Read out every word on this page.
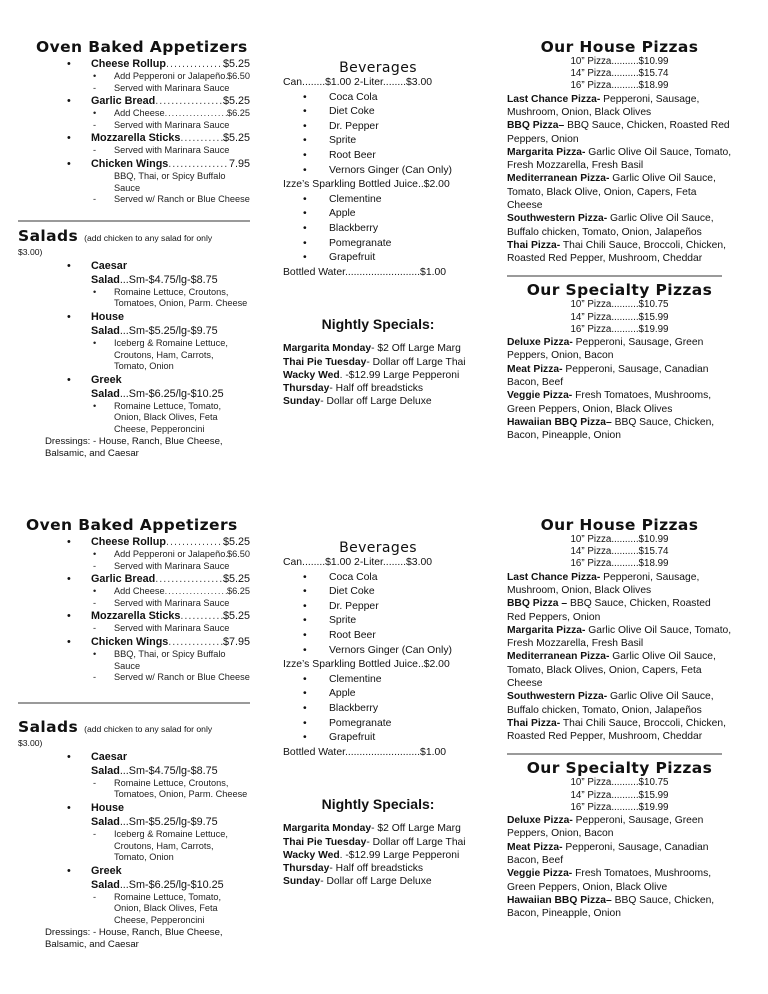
Oven Baked Appetizers
• Cheese Rollup .....	$5.25
• Add Pepperoni or Jalapeño ..... $6.50
- Served with Marinara Sauce
• Garlic Bread .....	$5.25
• Add Cheese .....	$6.25
- Served with Marinara Sauce
• Mozzarella Sticks .....	$5.25
- Served with Marinara Sauce
• Chicken Wings .....	7.95
BBQ, Thai, or Spicy Buffalo Sauce
- Served w/ Ranch or Blue Cheese
Salads (add chicken to any salad for only
$3.00)
• Caesar Salad...Sm-$4.75/lg-$8.75
• Romaine Lettuce, Croutons,
Tomatoes, Onion, Parm. Cheese
• House Salad...Sm-$5.25/lg-$9.75
• Iceberg & Romaine Lettuce,
Croutons, Ham, Carrots,
Tomato, Onion
• Greek Salad...Sm-$6.25/lg-$10.25
• Romaine Lettuce, Tomato,
Onion, Black Olives, Feta
Cheese, Pepperoncini
Dressings: - House, Ranch, Blue Cheese,
Balsamic, and Caesar
Beverages
Can........$1.00 2-Liter........$3.00
• Coca Cola
• Diet Coke
• Dr. Pepper
• Sprite
• Root Beer
• Vernors Ginger (Can Only)
Izze’s Sparkling Bottled Juice..$2.00
• Clementine
• Apple
• Blackberry
• Pomegranate
• Grapefruit
Bottled Water..........................$1.00
Nightly Specials:
Margarita Monday- $2 Off Large Marg
Thai Pie Tuesday- Dollar off Large Thai
Wacky Wed. -$12.99 Large Pepperoni
Thursday- Half off breadsticks
Sunday- Dollar off Large Deluxe
Our House Pizzas
10” Pizza..........$10.99
14” Pizza..........$15.74
16” Pizza..........$18.99
Last Chance Pizza- Pepperoni, Sausage, Mushroom, Onion, Black Olives
BBQ Pizza– BBQ Sauce, Chicken, Roasted Red Peppers, Onion
Margarita Pizza- Garlic Olive Oil Sauce, Tomato, Fresh Mozzarella, Fresh Basil
Mediterranean Pizza- Garlic Olive Oil Sauce, Tomato, Black Olive, Onion, Capers, Feta Cheese
Southwestern Pizza- Garlic Olive Oil Sauce, Buffalo chicken, Tomato, Onion, Jalapeños
Thai Pizza- Thai Chili Sauce, Broccoli, Chicken, Roasted Red Pepper, Mushroom, Cheddar
Our Specialty Pizzas
10” Pizza..........$10.75
14” Pizza..........$15.99
16” Pizza..........$19.99
Deluxe Pizza- Pepperoni, Sausage, Green Peppers, Onion, Bacon
Meat Pizza- Pepperoni, Sausage, Canadian Bacon, Beef
Veggie Pizza- Fresh Tomatoes, Mushrooms, Green Peppers, Onion, Black Olives
Hawaiian BBQ Pizza– BBQ Sauce, Chicken, Bacon, Pineapple, Onion
Oven Baked Appetizers
• Cheese Rollup .....	$5.25
• Add Pepperoni or Jalapeño ..... $6.50
- Served with Marinara Sauce
• Garlic Bread .....	$5.25
• Add Cheese .....	$6.25
- Served with Marinara Sauce
• Mozzarella Sticks .....	$5.25
- Served with Marinara Sauce
• Chicken Wings .....	$7.95
• BBQ, Thai, or Spicy Buffalo Sauce
- Served w/ Ranch or Blue Cheese
Salads (add chicken to any salad for only
$3.00)
• Caesar Salad...Sm-$4.75/lg-$8.75
- Romaine Lettuce, Croutons,
Tomatoes, Onion, Parm. Cheese
• House Salad...Sm-$5.25/lg-$9.75
- Iceberg & Romaine Lettuce,
Croutons, Ham, Carrots,
Tomato, Onion
• Greek Salad...Sm-$6.25/lg-$10.25
- Romaine Lettuce, Tomato,
Onion, Black Olives, Feta
Cheese, Pepperoncini
Dressings: - House, Ranch, Blue Cheese,
Balsamic, and Caesar
Beverages
Can........$1.00 2-Liter........$3.00
• Coca Cola
• Diet Coke
• Dr. Pepper
• Sprite
• Root Beer
• Vernors Ginger (Can Only)
Izze’s Sparkling Bottled Juice..$2.00
• Clementine
• Apple
• Blackberry
• Pomegranate
• Grapefruit
Bottled Water..........................$1.00
Nightly Specials:
Margarita Monday- $2 Off Large Marg
Thai Pie Tuesday- Dollar off Large Thai
Wacky Wed. -$12.99 Large Pepperoni
Thursday- Half off breadsticks
Sunday- Dollar off Large Deluxe
Our House Pizzas
10” Pizza..........$10.99
14” Pizza..........$15.74
16” Pizza..........$18.99
Last Chance Pizza- Pepperoni, Sausage, Mushroom, Onion, Black Olives
BBQ Pizza – BBQ Sauce, Chicken, Roasted Red Peppers, Onion
Margarita Pizza- Garlic Olive Oil Sauce, Tomato, Fresh Mozzarella, Fresh Basil
Mediterranean Pizza- Garlic Olive Oil Sauce, Tomato, Black Olives, Onion, Capers, Feta Cheese
Southwestern Pizza- Garlic Olive Oil Sauce, Buffalo chicken, Tomato, Onion, Jalapeños
Thai Pizza- Thai Chili Sauce, Broccoli, Chicken, Roasted Red Pepper, Mushroom, Cheddar
Our Specialty Pizzas
10” Pizza..........$10.75
14” Pizza..........$15.99
16” Pizza..........$19.99
Deluxe Pizza- Pepperoni, Sausage, Green Peppers, Onion, Bacon
Meat Pizza- Pepperoni, Sausage, Canadian Bacon, Beef
Veggie Pizza- Fresh Tomatoes, Mushrooms, Green Peppers, Onion, Black Olive
Hawaiian BBQ Pizza– BBQ Sauce, Chicken, Bacon, Pineapple, Onion
